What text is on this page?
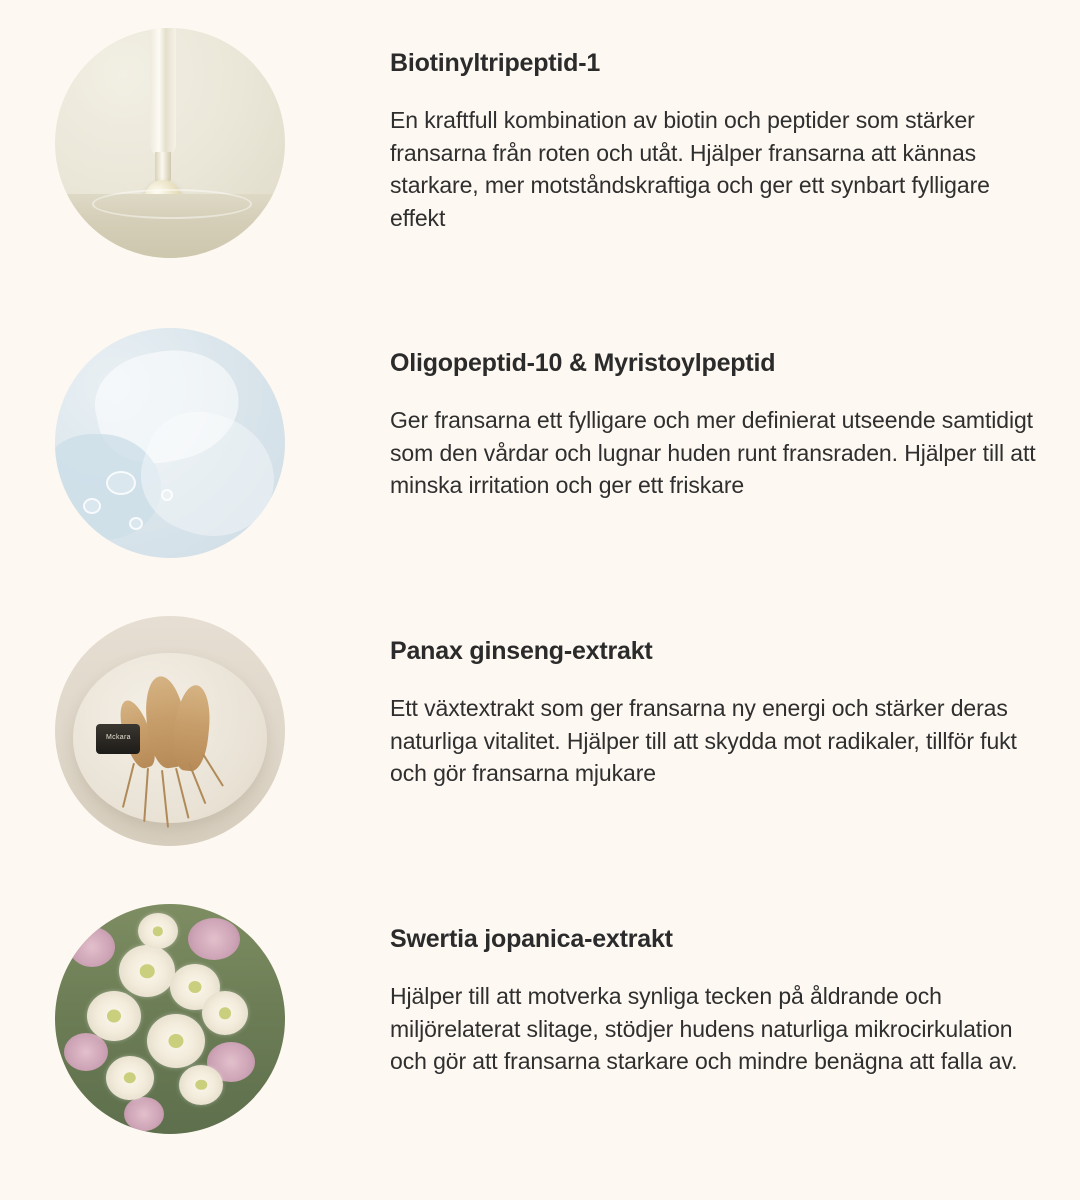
Biotinyltripeptid-1

En kraftfull kombination av biotin och peptider som stärker fransarna från roten och utåt. Hjälper fransarna att kännas starkare, mer motståndskraftiga och ger ett synbart fylligare effekt

Oligopeptid-10 & Myristoylpeptid

Ger fransarna ett fylligare och mer definierat utseende samtidigt som den vårdar och lugnar huden runt fransraden. Hjälper till att minska irritation och ger ett friskare

Mckara
Panax ginseng-extrakt

Ett växtextrakt som ger fransarna ny energi och stärker deras naturliga vitalitet. Hjälper till att skydda mot radikaler, tillför fukt och gör fransarna mjukare

Swertia jopanica-extrakt

Hjälper till att motverka synliga tecken på åldrande och miljörelaterat slitage, stödjer hudens naturliga mikrocirkulation och gör att fransarna starkare och mindre benägna att falla av.
